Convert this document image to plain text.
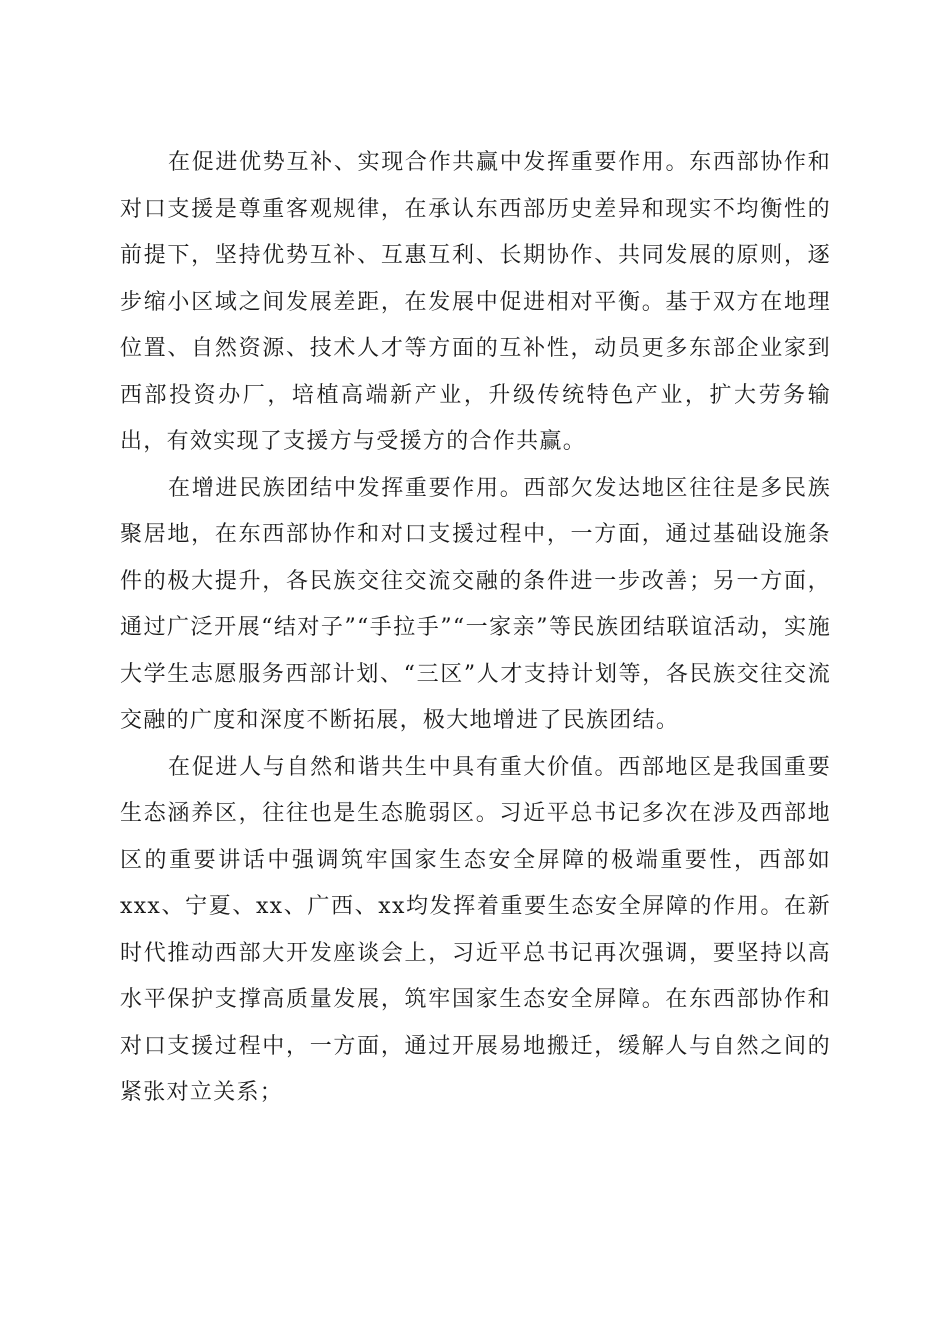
在促进优势互补、实现合作共赢中发挥重要作用。东西部协作和对口支援是尊重客观规律，在承认东西部历史差异和现实不均衡性的前提下，坚持优势互补、互惠互利、长期协作、共同发展的原则，逐步缩小区域之间发展差距，在发展中促进相对平衡。基于双方在地理位置、自然资源、技术人才等方面的互补性，动员更多东部企业家到西部投资办厂，培植高端新产业，升级传统特色产业，扩大劳务输出，有效实现了支援方与受援方的合作共赢。

在增进民族团结中发挥重要作用。西部欠发达地区往往是多民族聚居地，在东西部协作和对口支援过程中，一方面，通过基础设施条件的极大提升，各民族交往交流交融的条件进一步改善；另一方面，通过广泛开展“结对子”“手拉手”“一家亲”等民族团结联谊活动，实施大学生志愿服务西部计划、“三区”人才支持计划等，各民族交往交流交融的广度和深度不断拓展，极大地增进了民族团结。

在促进人与自然和谐共生中具有重大价值。西部地区是我国重要生态涵养区，往往也是生态脆弱区。习近平总书记多次在涉及西部地区的重要讲话中强调筑牢国家生态安全屏障的极端重要性，西部如xxx、宁夏、xx、广西、xx均发挥着重要生态安全屏障的作用。在新时代推动西部大开发座谈会上，习近平总书记再次强调，要坚持以高水平保护支撑高质量发展，筑牢国家生态安全屏障。在东西部协作和对口支援过程中，一方面，通过开展易地搬迁，缓解人与自然之间的紧张对立关系；
